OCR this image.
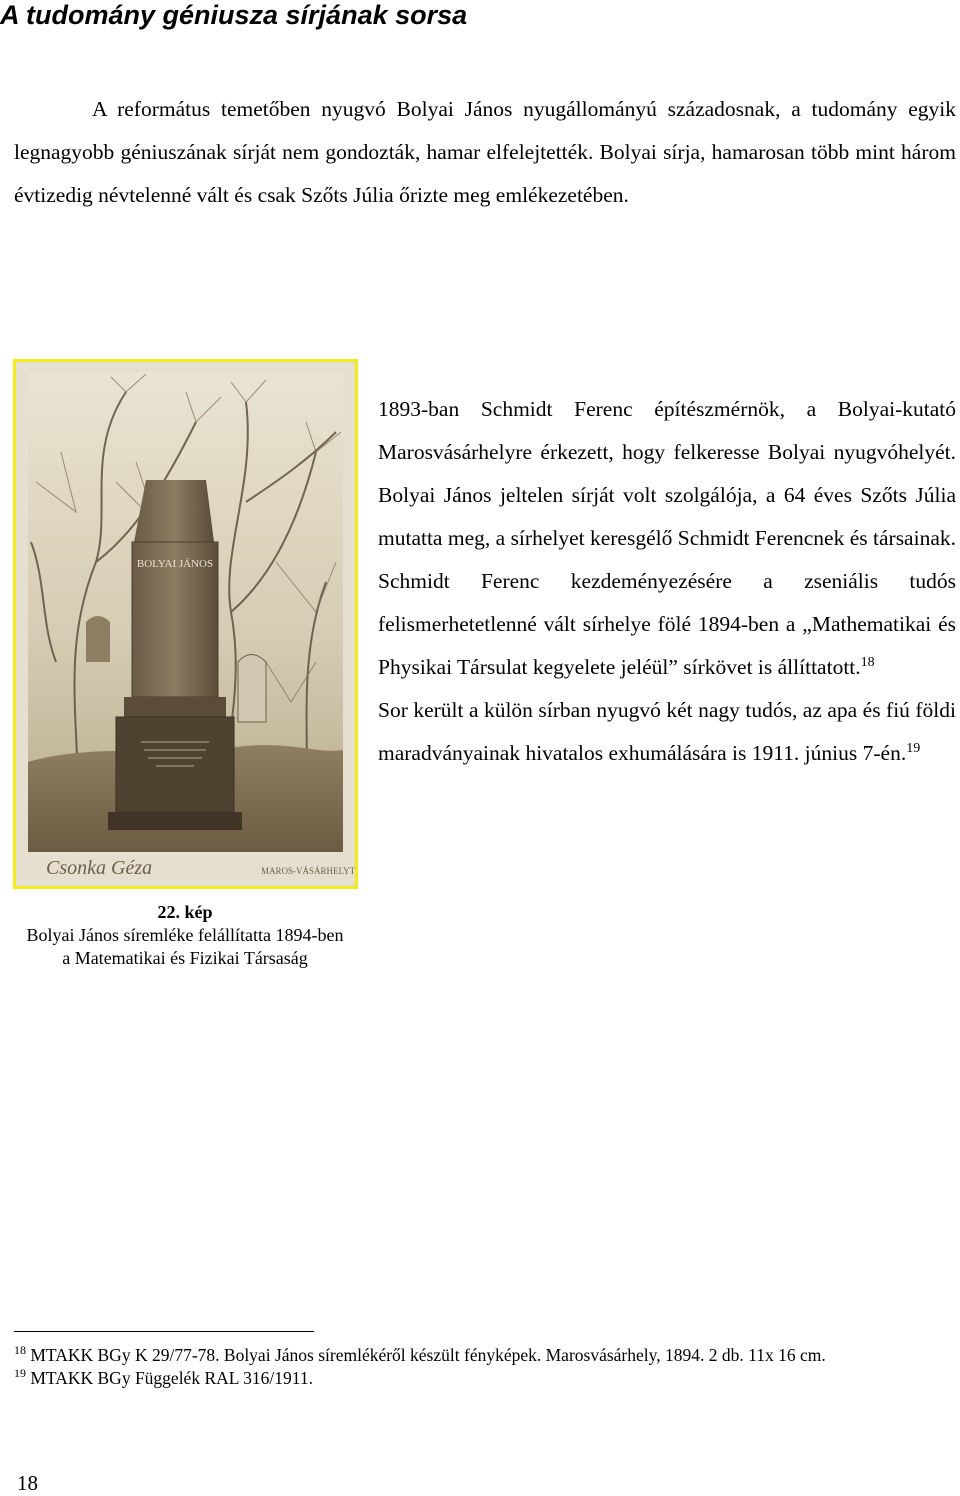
A tudomány géniusza sírjának sorsa

A református temetőben nyugvó Bolyai János nyugállományú századosnak, a tudomány egyik legnagyobb géniuszának sírját nem gondozták, hamar elfelejtették. Bolyai sírja, hamarosan több mint három évtizedig névtelenné vált és csak Szőts Júlia őrizte meg emlékezetében.

BOLYAI JÁNOS
Csonka Géza	MAROS-VÁSÁRHELYT

1893-ban Schmidt Ferenc építészmérnök, a Bolyai-kutató Marosvásárhelyre érkezett, hogy felkeresse Bolyai nyugvóhelyét. Bolyai János jeltelen sírját volt szolgálója, a 64 éves Szőts Júlia mutatta meg, a sírhelyet keresgélő Schmidt Ferencnek és társainak. Schmidt Ferenc kezdeményezésére a zseniális tudós felismerhetetlenné vált sírhelye fölé 1894-ben a „Mathematikai és Physikai Társulat kegyelete jeléül” sírkövet is állíttatott.$^{18}$

Sor került a külön sírban nyugvó két nagy tudós, az apa és fiú földi maradványainak hivatalos exhumálására is 1911. június 7-én.$^{19}$

22. kép
Bolyai János síremléke felállítatta 1894-ben
a Matematikai és Fizikai Társaság

$^{18}$ MTAKK BGy K 29/77-78. Bolyai János síremlékéről készült fényképek. Marosvásárhely, 1894. 2 db. 11x 16 cm.

$^{19}$ MTAKK BGy Függelék RAL 316/1911.

18
